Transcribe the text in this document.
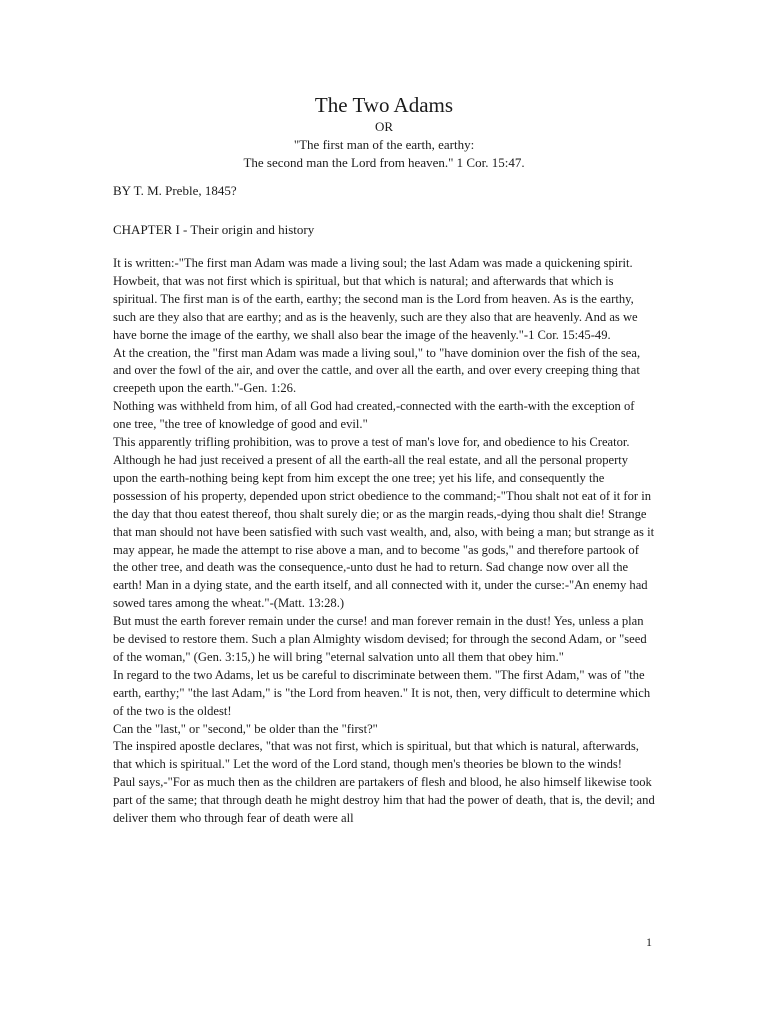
The Two Adams

OR

"The first man of the earth, earthy:

The second man the Lord from heaven." 1 Cor. 15:47.

BY T. M. Preble, 1845?

CHAPTER I - Their origin and history

It is written:-"The first man Adam was made a living soul; the last Adam was made a quickening spirit. Howbeit, that was not first which is spiritual, but that which is natural; and afterwards that which is spiritual. The first man is of the earth, earthy; the second man is the Lord from heaven. As is the earthy, such are they also that are earthy; and as is the heavenly, such are they also that are heavenly. And as we have borne the image of the earthy, we shall also bear the image of the heavenly."-1 Cor. 15:45-49.

At the creation, the "first man Adam was made a living soul," to "have dominion over the fish of the sea, and over the fowl of the air, and over the cattle, and over all the earth, and over every creeping thing that creepeth upon the earth."-Gen. 1:26.

Nothing was withheld from him, of all God had created,-connected with the earth-with the exception of one tree, "the tree of knowledge of good and evil."

This apparently trifling prohibition, was to prove a test of man's love for, and obedience to his Creator. Although he had just received a present of all the earth-all the real estate, and all the personal property upon the earth-nothing being kept from him except the one tree; yet his life, and consequently the possession of his property, depended upon strict obedience to the command;-"Thou shalt not eat of it for in the day that thou eatest thereof, thou shalt surely die; or as the margin reads,-dying thou shalt die! Strange that man should not have been satisfied with such vast wealth, and, also, with being a man; but strange as it may appear, he made the attempt to rise above a man, and to become "as gods," and therefore partook of the other tree, and death was the consequence,-unto dust he had to return. Sad change now over all the earth! Man in a dying state, and the earth itself, and all connected with it, under the curse:-"An enemy had sowed tares among the wheat."-(Matt. 13:28.)

But must the earth forever remain under the curse! and man forever remain in the dust! Yes, unless a plan be devised to restore them. Such a plan Almighty wisdom devised; for through the second Adam, or "seed of the woman," (Gen. 3:15,) he will bring "eternal salvation unto all them that obey him."

In regard to the two Adams, let us be careful to discriminate between them. "The first Adam," was of "the earth, earthy;" "the last Adam," is "the Lord from heaven." It is not, then, very difficult to determine which of the two is the oldest!

Can the "last," or "second," be older than the "first?"

The inspired apostle declares, "that was not first, which is spiritual, but that which is natural, afterwards, that which is spiritual." Let the word of the Lord stand, though men's theories be blown to the winds!

Paul says,-"For as much then as the children are partakers of flesh and blood, he also himself likewise took part of the same; that through death he might destroy him that had the power of death, that is, the devil; and deliver them who through fear of death were all

1
